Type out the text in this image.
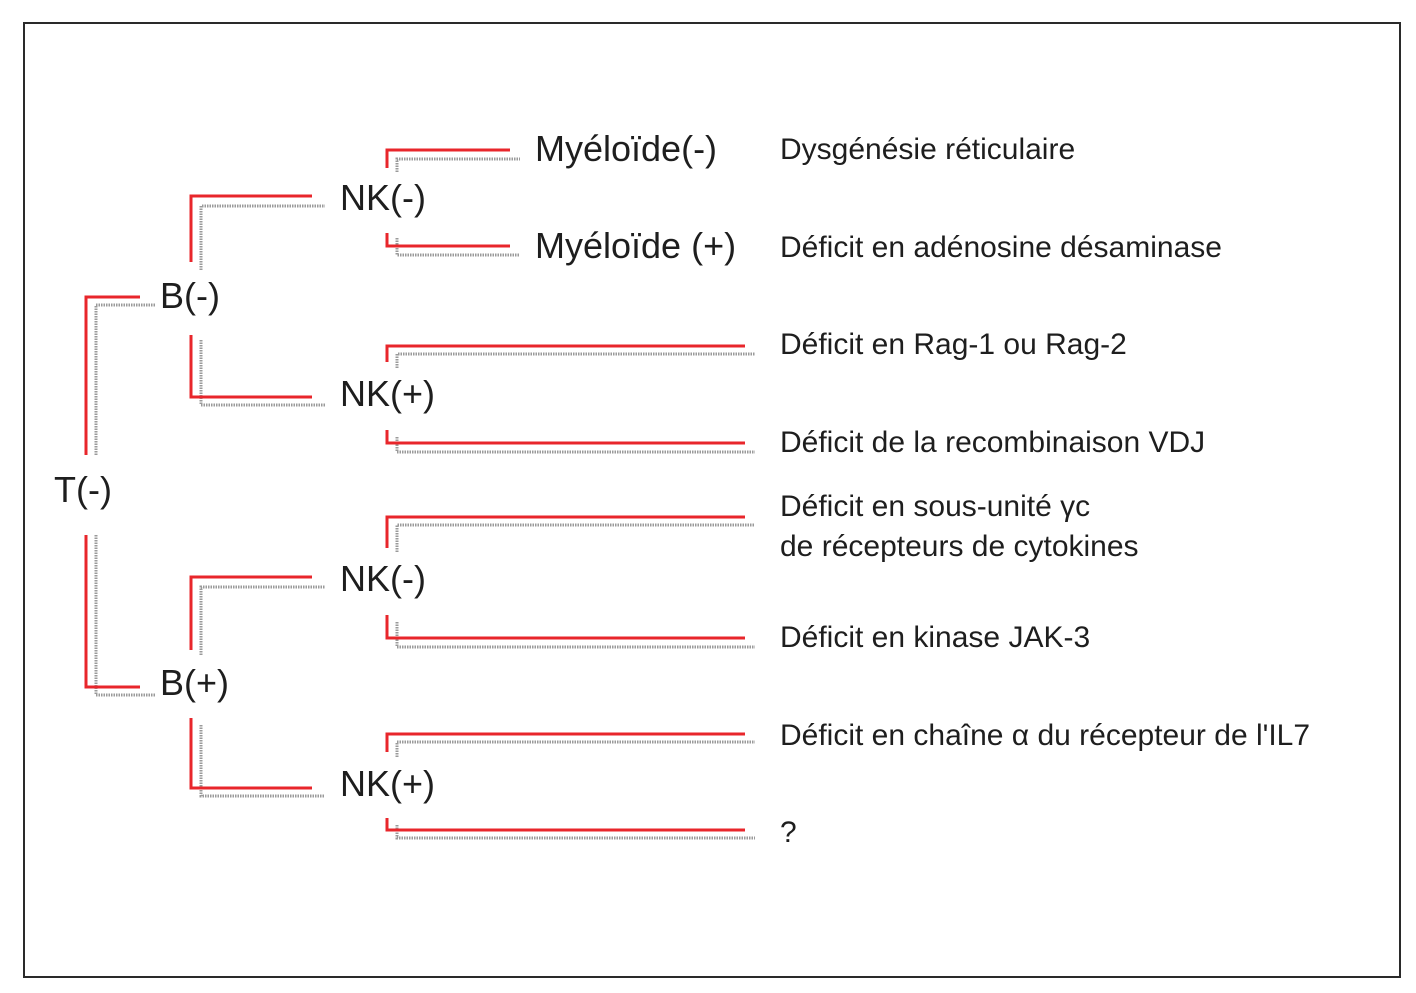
T(-)
B(-)
B(+)
NK(-)
NK(+)
NK(-)
NK(+)
Myéloïde(-)
Myéloïde (+)
Dysgénésie réticulaire
Déficit en adénosine désaminase
Déficit en Rag-1 ou Rag-2
Déficit de la recombinaison VDJ
Déficit en sous-unité γc
de récepteurs de cytokines
Déficit en kinase JAK-3
Déficit en chaîne α du récepteur de l'IL7
?
